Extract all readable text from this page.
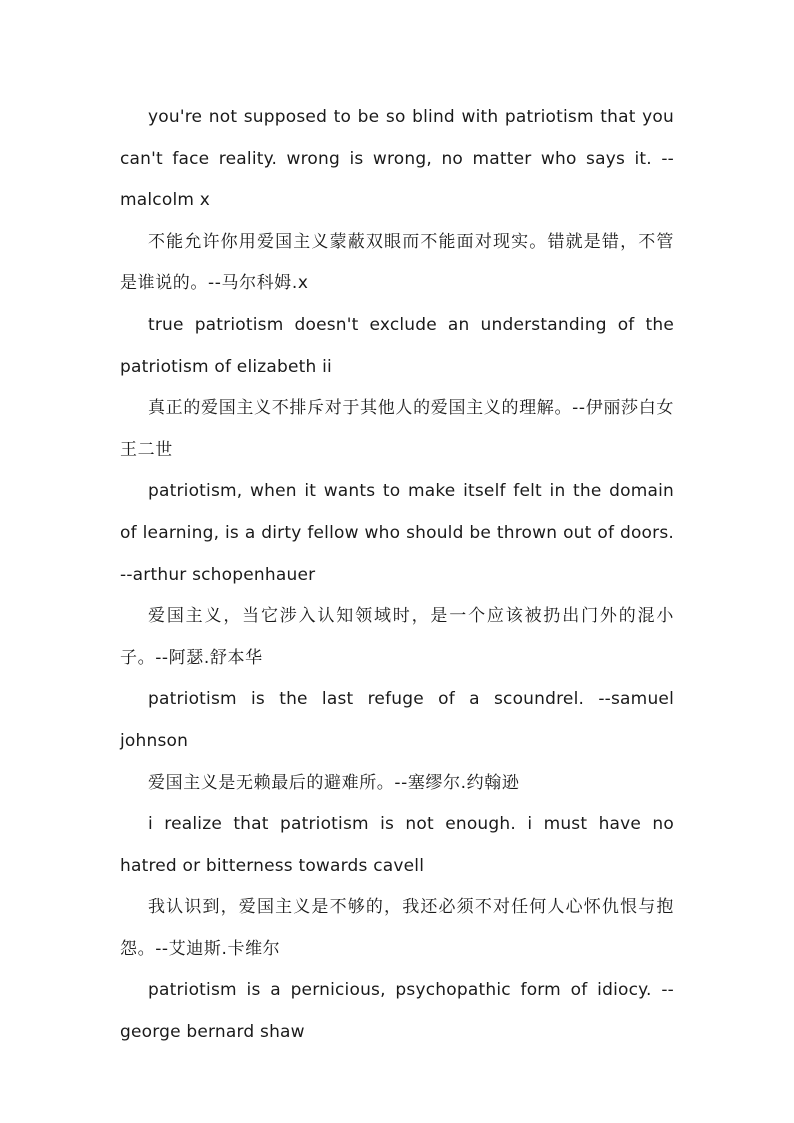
you're not supposed to be so blind with patriotism that you can't face reality. wrong is wrong, no matter who says it. --malcolm x

不能允许你用爱国主义蒙蔽双眼而不能面对现实。错就是错，不管是谁说的。--马尔科姆.x

true patriotism doesn't exclude an understanding of the patriotism of elizabeth ii

真正的爱国主义不排斥对于其他人的爱国主义的理解。--伊丽莎白女王二世

patriotism, when it wants to make itself felt in the domain of learning, is a dirty fellow who should be thrown out of doors. --arthur schopenhauer

爱国主义，当它涉入认知领域时，是一个应该被扔出门外的混小子。--阿瑟.舒本华

patriotism is the last refuge of a scoundrel. --samuel johnson

爱国主义是无赖最后的避难所。--塞缪尔.约翰逊

i realize that patriotism is not enough. i must have no hatred or bitterness towards cavell

我认识到，爱国主义是不够的，我还必须不对任何人心怀仇恨与抱怨。--艾迪斯.卡维尔

patriotism is a pernicious, psychopathic form of idiocy. --george bernard shaw
